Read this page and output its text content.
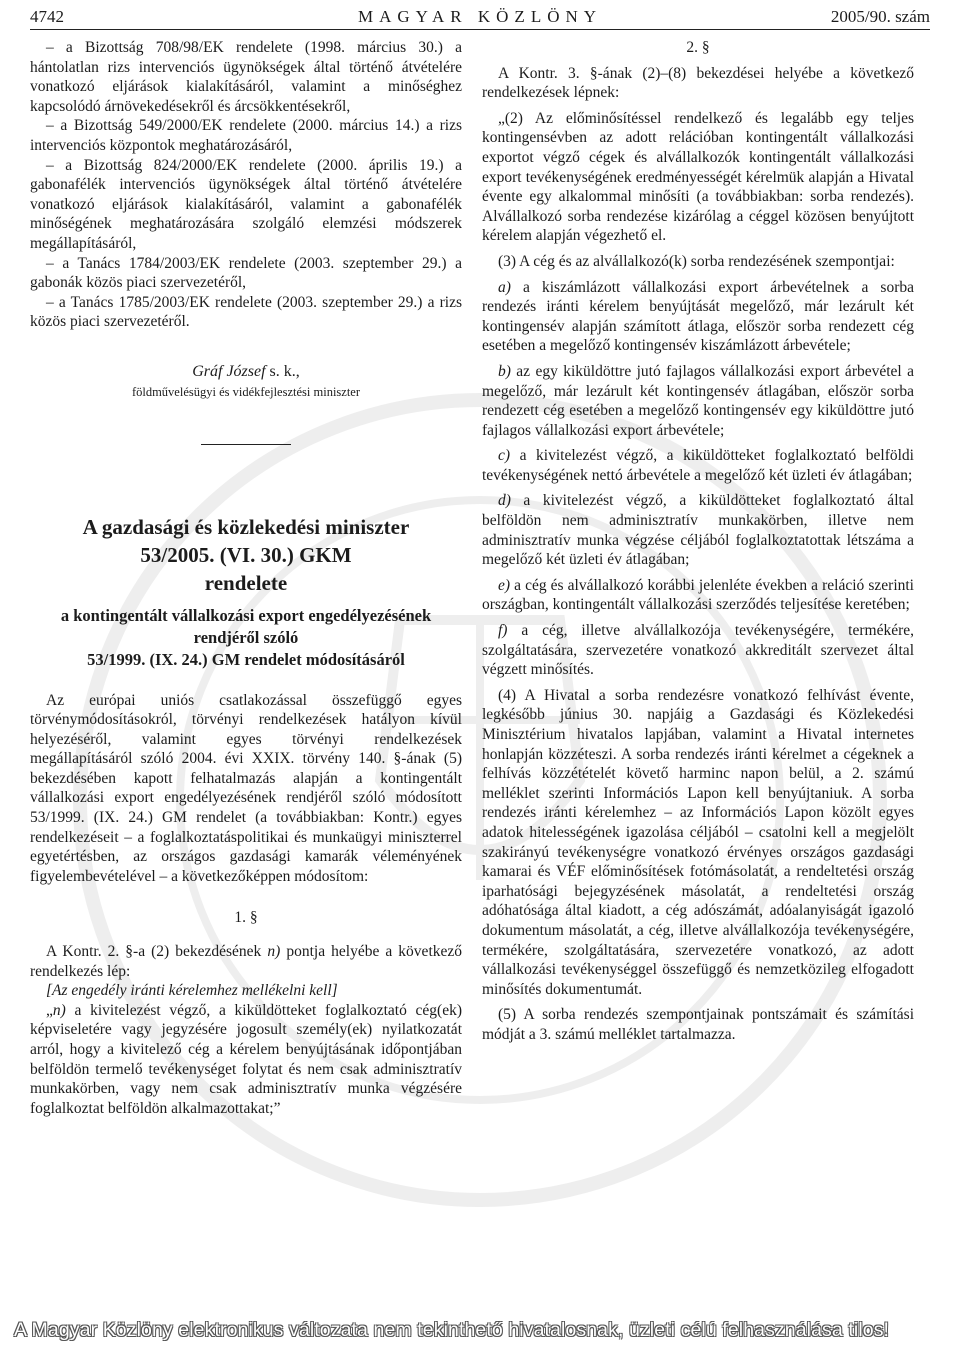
4742	MAGYAR KÖZLÖNY	2005/90. szám

– a Bizottság 708/98/EK rendelete (1998. március 30.) a hántolatlan rizs intervenciós ügynökségek által történő átvételére vonatkozó eljárások kialakításáról, valamint a minőséghez kapcsolódó árnövekedésekről és árcsökkentésekről,

– a Bizottság 549/2000/EK rendelete (2000. március 14.) a rizs intervenciós központok meghatározásáról,

– a Bizottság 824/2000/EK rendelete (2000. április 19.) a gabonafélék intervenciós ügynökségek által történő átvételére vonatkozó eljárások kialakításáról, valamint a gabonafélék minőségének meghatározására szolgáló elemzési módszerek megállapításáról,

– a Tanács 1784/2003/EK rendelete (2003. szeptember 29.) a gabonák közös piaci szervezetéről,

– a Tanács 1785/2003/EK rendelete (2003. szeptember 29.) a rizs közös piaci szervezetéről.

Gráf József s. k.,

földművelésügyi és vidékfejlesztési miniszter

A gazdasági és közlekedési miniszter

53/2005. (VI. 30.) GKM

rendelete

a kontingentált vállalkozási export engedélyezésének rendjéről szóló
53/1999. (IX. 24.) GM rendelet módosításáról

Az európai uniós csatlakozással összefüggő egyes törvénymódosításokról, törvényi rendelkezések hatályon kívül helyezéséről, valamint egyes törvényi rendelkezések megállapításáról szóló 2004. évi XXIX. törvény 140. §-ának (5) bekezdésében kapott felhatalmazás alapján a kontingentált vállalkozási export engedélyezésének rendjéről szóló módosított 53/1999. (IX. 24.) GM rendelet (a továbbiakban: Kontr.) egyes rendelkezéseit – a foglalkoztatáspolitikai és munkaügyi miniszterrel egyetértésben, az országos gazdasági kamarák véleményének figyelembevételével – a következőképpen módosítom:

1. §

A Kontr. 2. §-a (2) bekezdésének n) pontja helyébe a következő rendelkezés lép:

[Az engedély iránti kérelemhez mellékelni kell]

„n) a kivitelezést végző, a kiküldötteket foglalkoztató cég(ek) képviseletére vagy jegyzésére jogosult személy(ek) nyilatkozatát arról, hogy a kivitelező cég a kérelem benyújtásának időpontjában belföldön termelő tevékenységet folytat és nem csak adminisztratív munkakörben, vagy nem csak adminisztratív munka végzésére foglalkoztat belföldön alkalmazottakat;”

2. §

A Kontr. 3. §-ának (2)–(8) bekezdései helyébe a következő rendelkezések lépnek:

„(2) Az előminősítéssel rendelkező és legalább egy teljes kontingensévben az adott relációban kontingentált vállalkozási exportot végző cégek és alvállalkozók kontingentált vállalkozási export tevékenységének eredményességét kérelmük alapján a Hivatal évente egy alkalommal minősíti (a továbbiakban: sorba rendezés). Alvállalkozó sorba rendezése kizárólag a céggel közösen benyújtott kérelem alapján végezhető el.

(3) A cég és az alvállalkozó(k) sorba rendezésének szempontjai:

a) a kiszámlázott vállalkozási export árbevételnek a sorba rendezés iránti kérelem benyújtását megelőző, már lezárult két kontingensév alapján számított átlaga, először sorba rendezett cég esetében a megelőző kontingensév kiszámlázott árbevétele;

b) az egy kiküldöttre jutó fajlagos vállalkozási export árbevétel a megelőző, már lezárult két kontingensév átlagában, először sorba rendezett cég esetében a megelőző kontingensév egy kiküldöttre jutó fajlagos vállalkozási export árbevétele;

c) a kivitelezést végző, a kiküldötteket foglalkoztató belföldi tevékenységének nettó árbevétele a megelőző két üzleti év átlagában;

d) a kivitelezést végző, a kiküldötteket foglalkoztató által belföldön nem adminisztratív munkakörben, illetve nem adminisztratív munka végzése céljából foglalkoztatottak létszáma a megelőző két üzleti év átlagában;

e) a cég és alvállalkozó korábbi jelenléte években a reláció szerinti országban, kontingentált vállalkozási szerződés teljesítése keretében;

f) a cég, illetve alvállalkozója tevékenységére, termékére, szolgáltatására, szervezetére vonatkozó akkreditált szervezet által végzett minősítés.

(4) A Hivatal a sorba rendezésre vonatkozó felhívást évente, legkésőbb június 30. napjáig a Gazdasági és Közlekedési Minisztérium hivatalos lapjában, valamint a Hivatal internetes honlapján közzéteszi. A sorba rendezés iránti kérelmet a cégeknek a felhívás közzétételét követő harminc napon belül, a 2. számú melléklet szerinti Információs Lapon kell benyújtaniuk. A sorba rendezés iránti kérelemhez – az Információs Lapon közölt egyes adatok hitelességének igazolása céljából – csatolni kell a megjelölt szakirányú tevékenységre vonatkozó érvényes országos gazdasági kamarai és VÉF előminősítések fotómásolatát, a rendeltetési ország iparhatósági bejegyzésének másolatát, a rendeltetési ország adóhatósága által kiadott, a cég adószámát, adóalanyiságát igazoló dokumentum másolatát, a cég, illetve alvállalkozója tevékenységére, termékére, szolgáltatására, szervezetére vonatkozó, az adott vállalkozási tevékenységgel összefüggő és nemzetközileg elfogadott minősítés dokumentumát.

(5) A sorba rendezés szempontjainak pontszámait és számítási módját a 3. számú melléklet tartalmazza.

A Magyar Közlöny elektronikus változata nem tekinthető hivatalosnak, üzleti célú felhasználása tilos!
